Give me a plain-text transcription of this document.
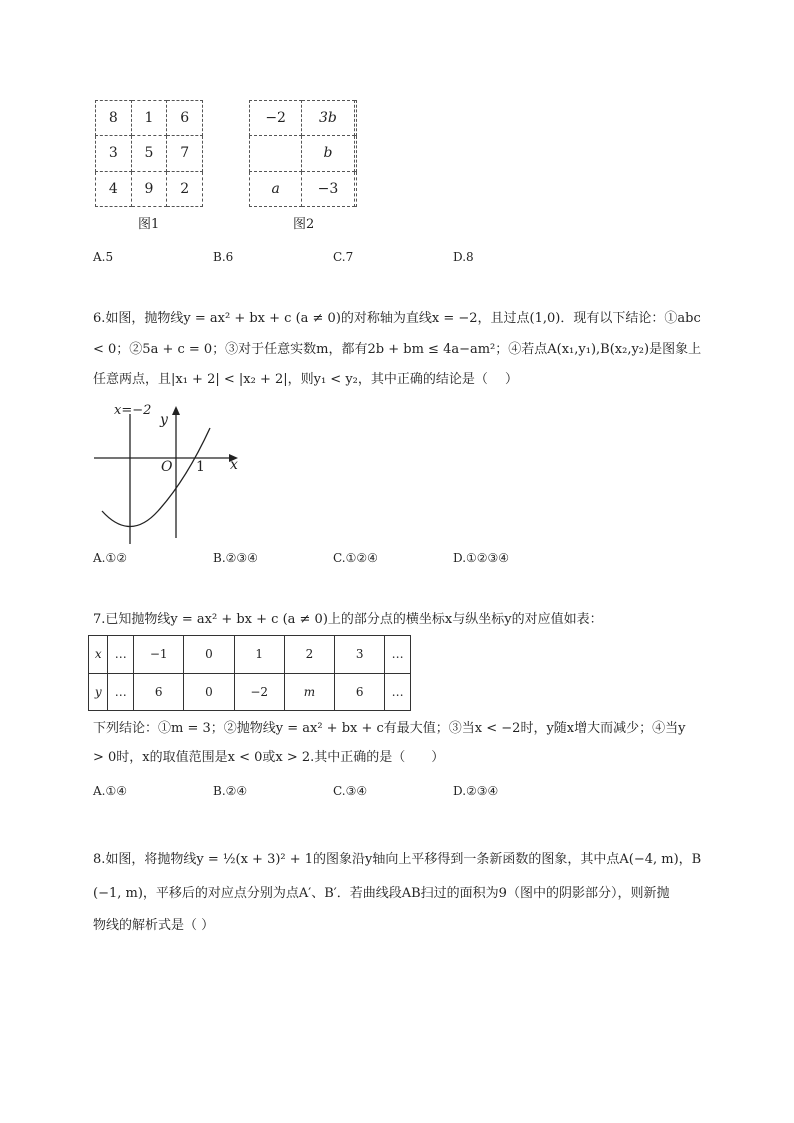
8	1	6
3	5	7
4	9	2
图1
−2	3b	
	b	
a	−3	
图2
A.5	B.6	C.7	D.8
6.如图，抛物线y = ax² + bx + c (a ≠ 0)的对称轴为直线x = −2，且过点(1,0)．现有以下结论：①abc
< 0；②5a + c = 0；③对于任意实数m，都有2b + bm ≤ 4a−am²；④若点A(x₁,y₁),B(x₂,y₂)是图象上
任意两点，且|x₁ + 2| < |x₂ + 2|，则y₁ < y₂，其中正确的结论是（　 ）
x=−2
y
x
O 1
A.①②	B.②③④	C.①②④	D.①②③④
7.已知抛物线y = ax² + bx + c (a ≠ 0)上的部分点的横坐标x与纵坐标y的对应值如表：
x	…	−1	0	1	2	3	…
y	…	6	0	−2	m	6	…
下列结论：①m = 3；②抛物线y = ax² + bx + c有最大值；③当x < −2时，y随x增大而减少；④当y
> 0时，x的取值范围是x < 0或x > 2.其中正确的是（　　）
A.①④	B.②④	C.③④	D.②③④
8.如图，将抛物线y = ½(x + 3)² + 1的图象沿y轴向上平移得到一条新函数的图象，其中点A(−4, m)，B
(−1, m)，平移后的对应点分别为点A′、B′．若曲线段AB扫过的面积为9（图中的阴影部分），则新抛
物线的解析式是（ ）
